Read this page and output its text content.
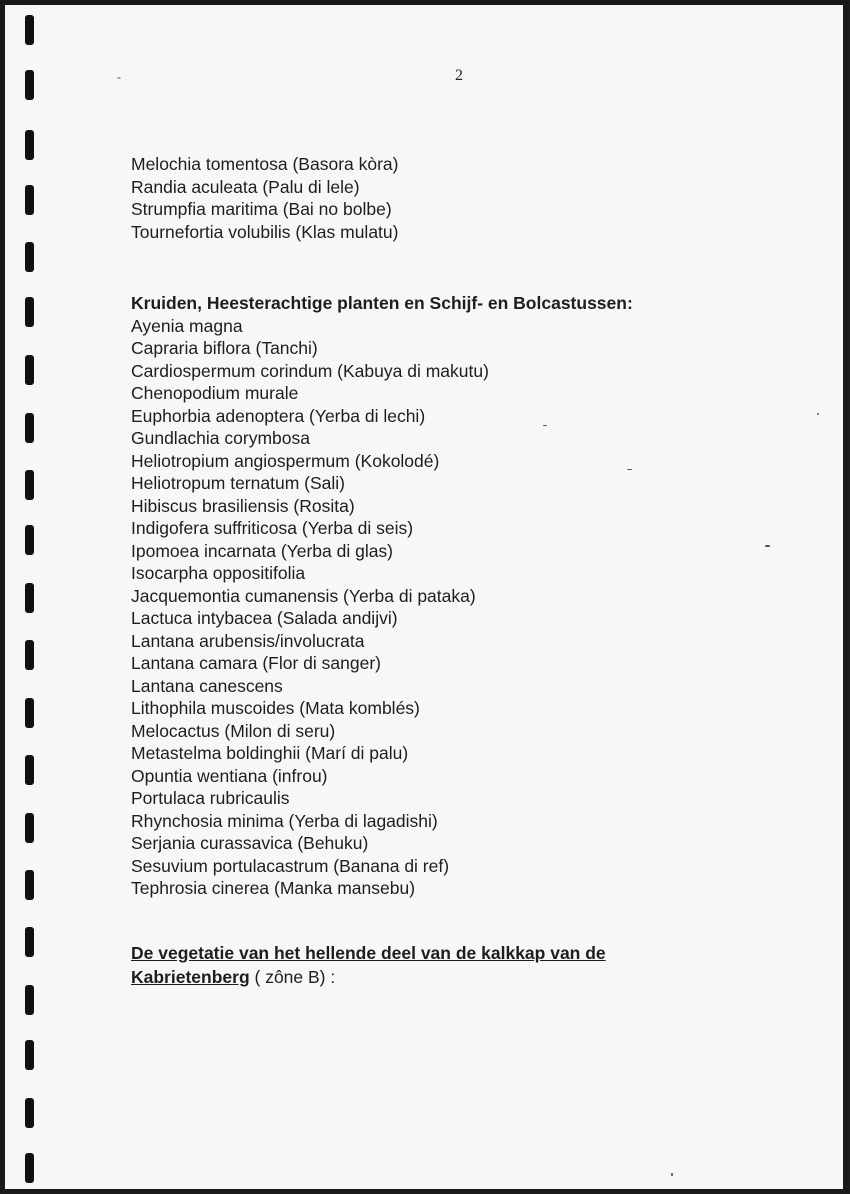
-	2
Melochia tomentosa (Basora kòra)
Randia aculeata (Palu di lele)
Strumpfia maritima (Bai no bolbe)
Tournefortia volubilis (Klas mulatu)
Kruiden, Heesterachtige planten en Schijf- en Bolcastussen:
Ayenia magna
Capraria biflora (Tanchi)
Cardiospermum corindum (Kabuya di makutu)
Chenopodium murale
Euphorbia adenoptera (Yerba di lechi)
Gundlachia corymbosa
Heliotropium angiospermum (Kokolodé)
Heliotropum ternatum (Sali)
Hibiscus brasiliensis (Rosita)
Indigofera suffriticosa (Yerba di seis)
Ipomoea incarnata (Yerba di glas)
Isocarpha oppositifolia
Jacquemontia cumanensis (Yerba di pataka)
Lactuca intybacea (Salada andijvi)
Lantana arubensis/involucrata
Lantana camara (Flor di sanger)
Lantana canescens
Lithophila muscoides (Mata komblés)
Melocactus (Milon di seru)
Metastelma boldinghii (Marí di palu)
Opuntia wentiana (infrou)
Portulaca rubricaulis
Rhynchosia minima (Yerba di lagadishi)
Serjania curassavica (Behuku)
Sesuvium portulacastrum (Banana di ref)
Tephrosia cinerea (Manka mansebu)
De vegetatie van het hellende deel van de kalkkap van de
Kabrietenberg ( zône B) :
